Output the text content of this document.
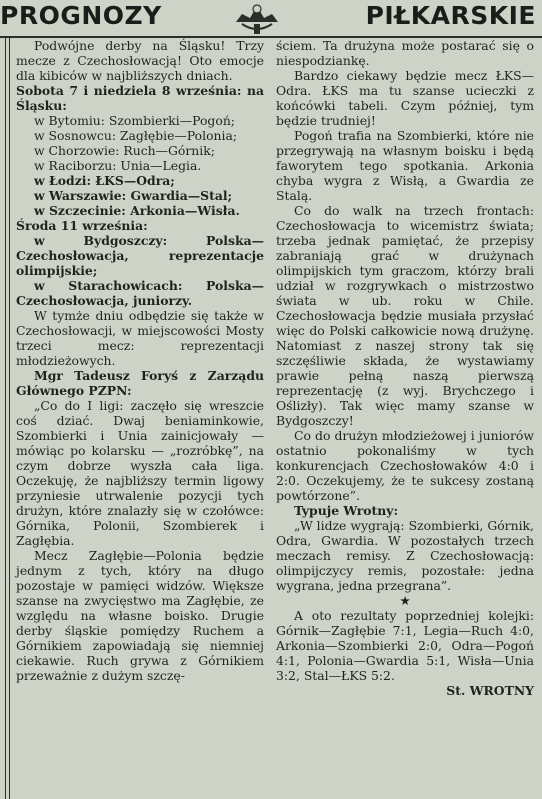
PROGNOZY	PIŁKARSKIE

Podwójne derby na Śląsku! Trzy mecze z Czechosłowacją! Oto emocje dla kibiców w najbliższych dniach.

Sobota 7 i niedziela 8 września: na Śląsku:

w Bytomiu: Szombierki—Pogoń;

w Sosnowcu: Zagłębie—Polonia;

w Chorzowie: Ruch—Górnik;

w Raciborzu: Unia—Legia.

w Łodzi: ŁKS—Odra;

w Warszawie: Gwardia—Stal;

w Szczecinie: Arkonia—Wisła.

Środa 11 września:

w Bydgoszczy: Polska—Czechosłowacja, reprezentacje olimpijskie;

w Starachowicach: Polska—Czechosłowacja, juniorzy.

W tymże dniu odbędzie się także w Czechosłowacji, w miejscowości Mosty trzeci mecz: reprezentacji młodzieżowych.

Mgr Tadeusz Foryś z Zarządu Głównego PZPN:

„Co do I ligi: zaczęło się wreszcie coś dziać. Dwaj beniaminkowie, Szombierki i Unia zainicjowały — mówiąc po kolarsku — „rozróbkę”, na czym dobrze wyszła cała liga. Oczekuję, że najbliższy termin ligowy przyniesie utrwalenie pozycji tych drużyn, które znalazły się w czołówce: Górnika, Polonii, Szombierek i Zagłębia.

Mecz Zagłębie—Polonia będzie jednym z tych, który na długo pozostaje w pamięci widzów. Większe szanse na zwycięstwo ma Zagłębie, ze względu na własne boisko. Drugie derby śląskie pomiędzy Ruchem a Górnikiem zapowiadają się niemniej ciekawie. Ruch grywa z Górnikiem przeważnie z dużym szczę-

ściem. Ta drużyna może postarać się o niespodziankę.

Bardzo ciekawy będzie mecz ŁKS—Odra. ŁKS ma tu szanse ucieczki z końcówki tabeli. Czym później, tym będzie trudniej!

Pogoń trafia na Szombierki, które nie przegrywają na własnym boisku i będą faworytem tego spotkania. Arkonia chyba wygra z Wisłą, a Gwardia ze Stalą.

Co do walk na trzech frontach: Czechosłowacja to wicemistrz świata; trzeba jednak pamiętać, że przepisy zabraniają grać w drużynach olimpijskich tym graczom, którzy brali udział w rozgrywkach o mistrzostwo świata w ub. roku w Chile. Czechosłowacja będzie musiała przysłać więc do Polski całkowicie nową drużynę. Natomiast z naszej strony tak się szczęśliwie składa, że wystawiamy prawie pełną naszą pierwszą reprezentację (z wyj. Brychczego i Oślizły). Tak więc mamy szanse w Bydgoszczy!

Co do drużyn młodzieżowej i juniorów ostatnio pokonaliśmy w tych konkurencjach Czechosłowaków 4:0 i 2:0. Oczekujemy, że te sukcesy zostaną powtórzone”.

Typuje Wrotny:

„W lidze wygrają: Szombierki, Górnik, Odra, Gwardia. W pozostałych trzech meczach remisy. Z Czechosłowacją: olimpijczycy remis, pozostałe: jedna wygrana, jedna przegrana”.

★

A oto rezultaty poprzedniej kolejki: Górnik—Zagłębie 7:1, Legia—Ruch 4:0, Arkonia—Szombierki 2:0, Odra—Pogoń 4:1, Polonia—Gwardia 5:1, Wisła—Unia 3:2, Stal—ŁKS 5:2.

St. WROTNY
